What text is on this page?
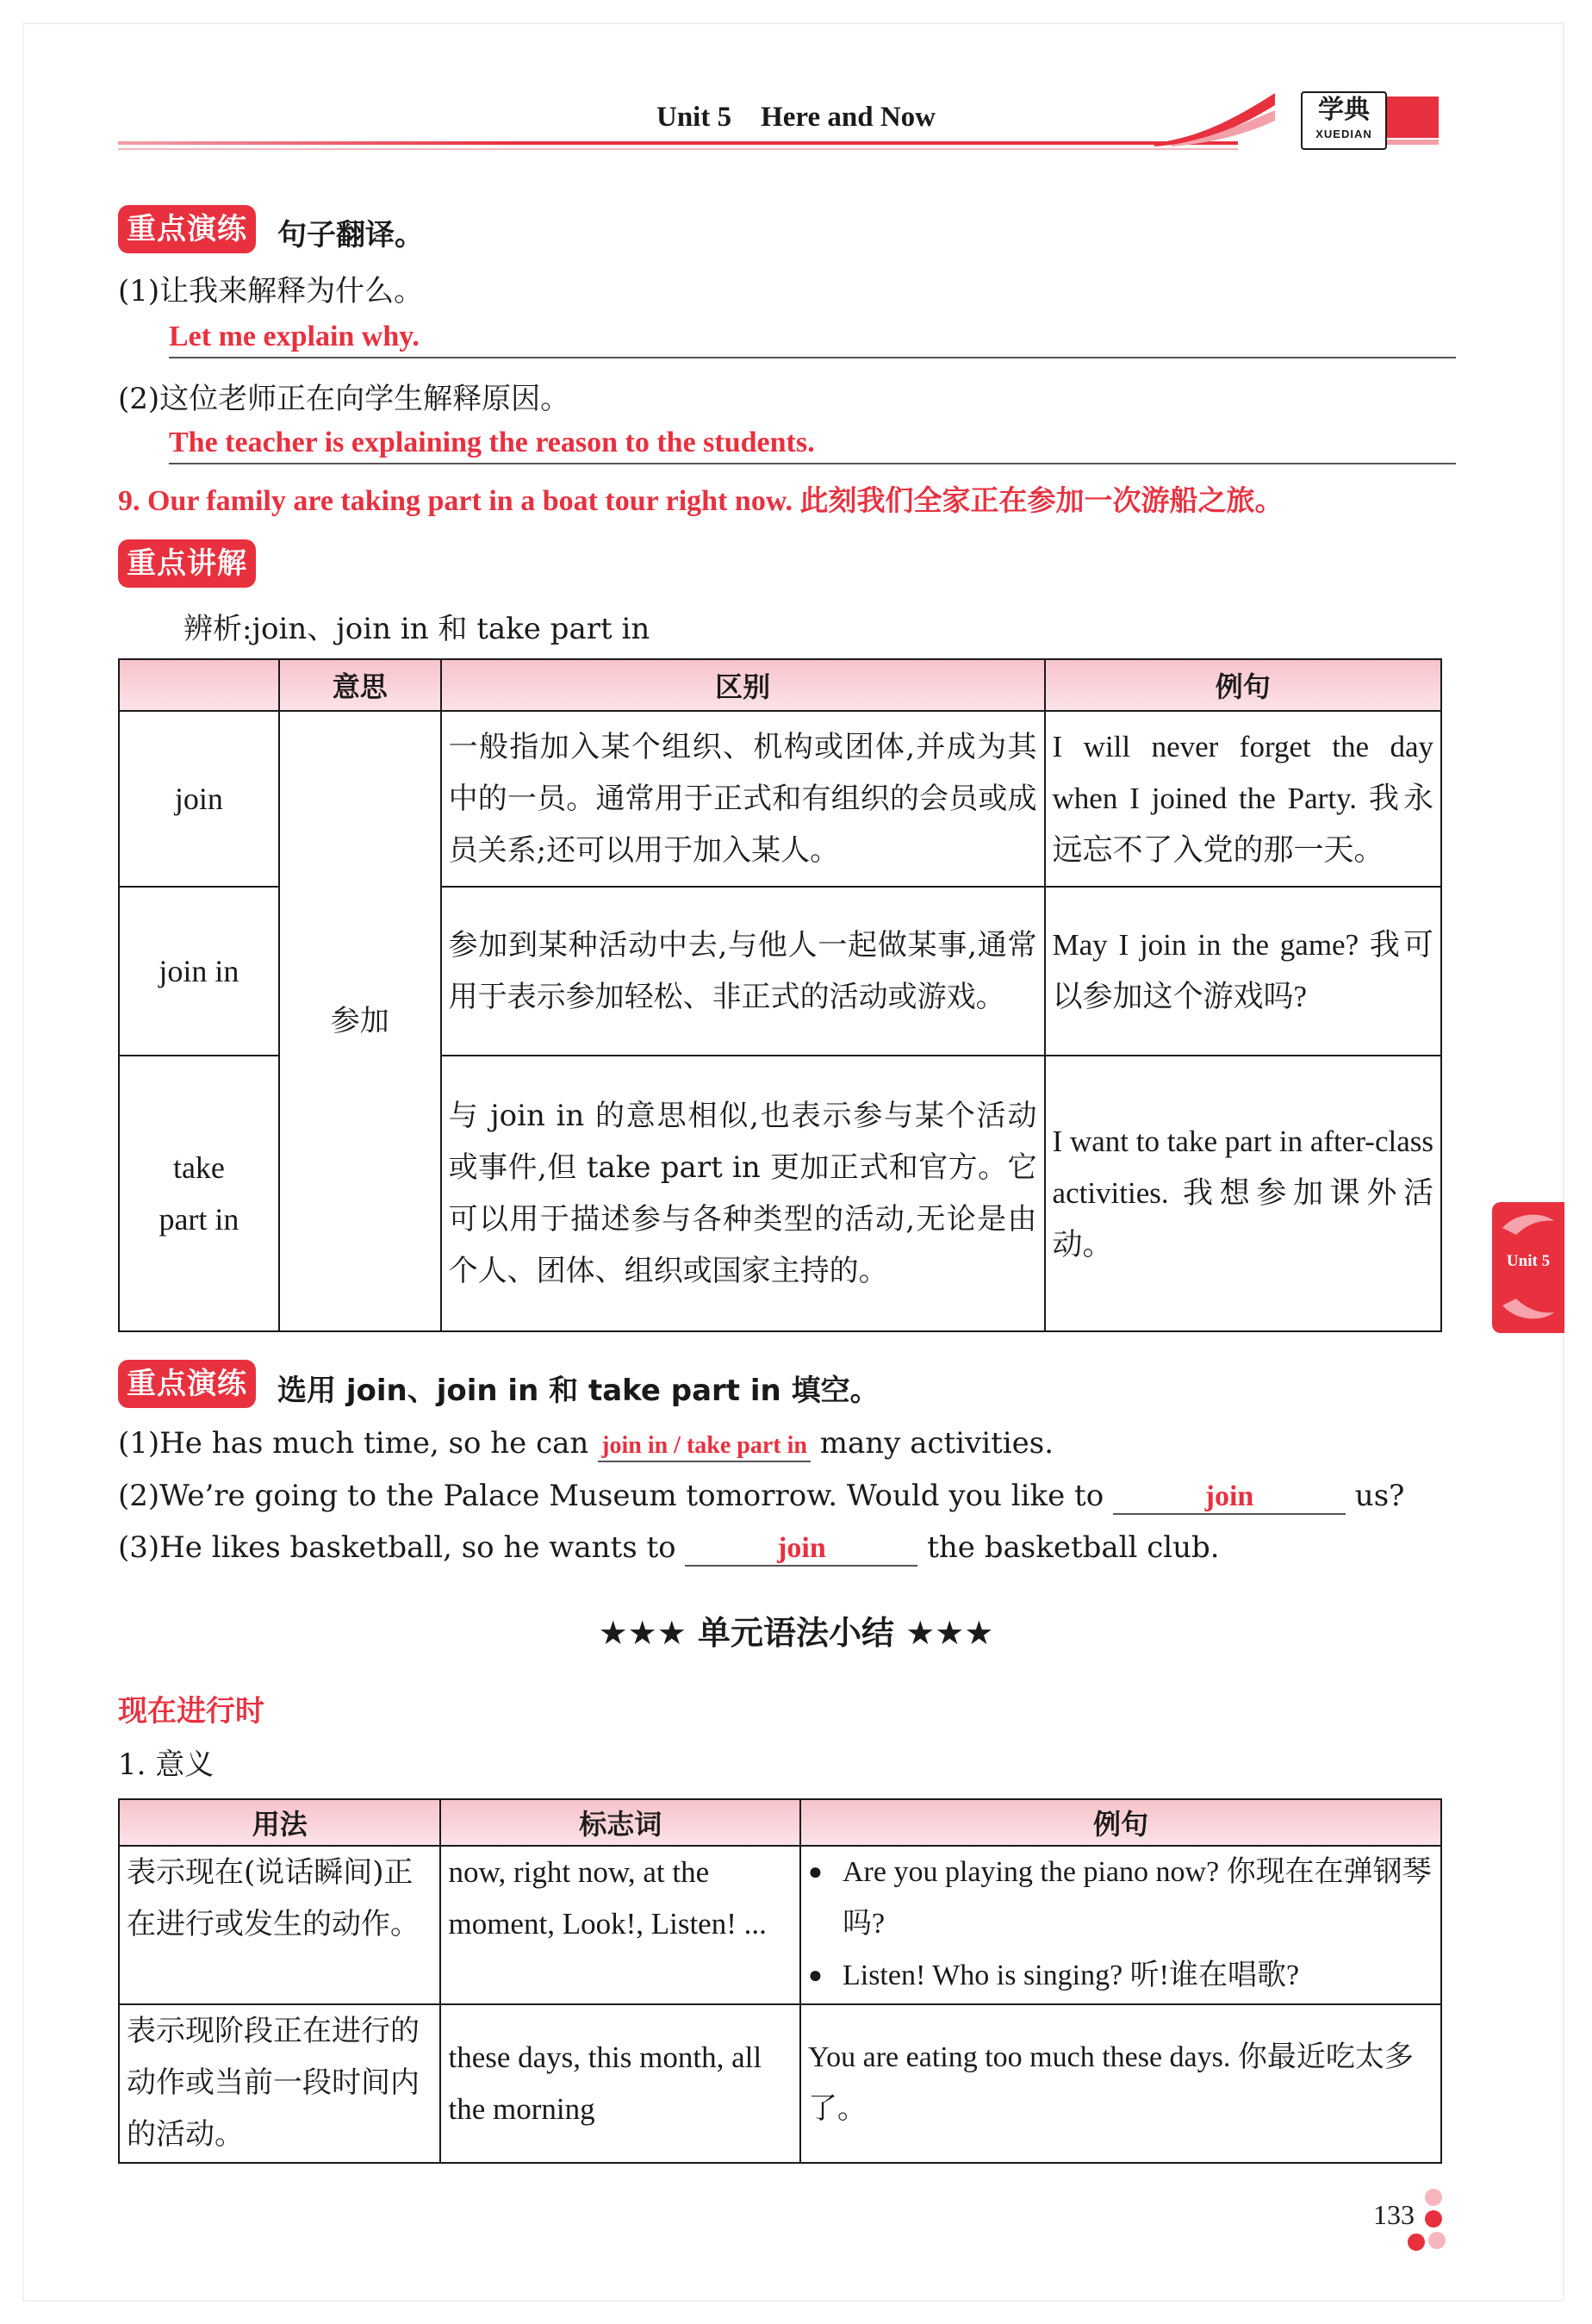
Unit 5 Here and Now	学典
XUEDIAN
重点演练 句子翻译。
(1)让我来解释为什么。
Let me explain why.
(2)这位老师正在向学生解释原因。
The teacher is explaining the reason to the students.
9. Our family are taking part in a boat tour right now. 此刻我们全家正在参加一次游船之旅。
重点讲解
辨析:join、join in 和 take part in
	意思	区别	例句
join	参加	一般指加入某个组织、机构或团体,并成为其中的一员。通常用于正式和有组织的会员或成员关系;还可以用于加入某人。	I will never forget the day when I joined the Party. 我永远忘不了入党的那一天。
join in		参加到某种活动中去,与他人一起做某事,通常用于表示参加轻松、非正式的活动或游戏。	May I join in the game? 我可以参加这个游戏吗?
take part in		与 join in 的意思相似,也表示参与某个活动或事件,但 take part in 更加正式和官方。它可以用于描述参与各种类型的活动,无论是由个人、团体、组织或国家主持的。	I want to take part in after-class activities. 我想参加课外活动。
重点演练 选用 join、join in 和 take part in 填空。
(1)He has much time, so he can join in / take part in many activities.
(2)We’re going to the Palace Museum tomorrow. Would you like to	join	us?
(3)He likes basketball, so he wants to	join	the basketball club.
★★★ 单元语法小结 ★★★
现在进行时
1. 意义
用法	标志词	例句
表示现在(说话瞬间)正在进行或发生的动作。	now, right now, at the moment, Look!, Listen! ...	● Are you playing the piano now? 你现在在弹钢琴吗?
● Listen! Who is singing? 听!谁在唱歌?

表示现阶段正在进行的动作或当前一段时间内的活动。	these days, this month, all the morning	You are eating too much these days. 你最近吃太多了。
Unit 5
133
